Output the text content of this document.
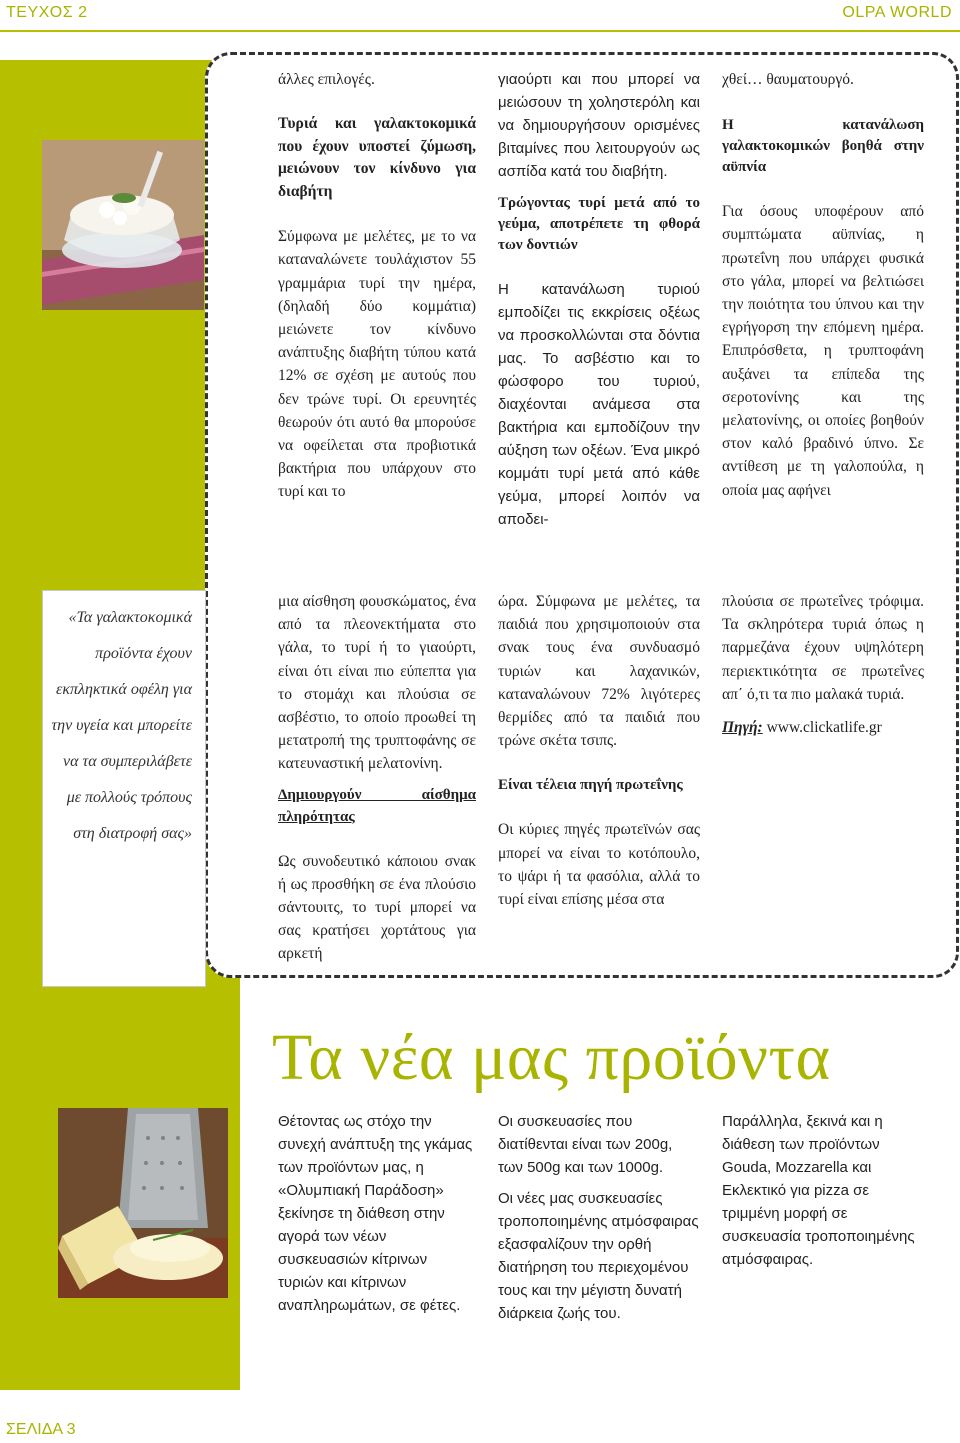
ΤΕΥΧΟΣ 2	OLPA WORLD

άλλες επιλογές.

Τυριά και γαλακτοκομικά που έχουν υποστεί ζύμωση, μειώνουν τον κίνδυνο για διαβήτη

Σύμφωνα με μελέτες, με το να καταναλώνετε τουλάχιστον 55 γραμμάρια τυρί την ημέρα, (δηλαδή δύο κομμάτια) μειώνετε τον κίνδυνο ανάπτυξης διαβήτη τύπου κατά 12% σε σχέση με αυτούς που δεν τρώνε τυρί. Οι ερευνητές θεωρούν ότι αυτό θα μπορούσε να οφείλεται στα προβιοτικά βακτήρια που υπάρχουν στο τυρί και το

γιαούρτι και που μπορεί να μειώσουν τη χοληστερόλη και να δημιουργήσουν ορισμένες βιταμίνες που λειτουργούν ως ασπίδα κατά του διαβήτη.

Τρώγοντας τυρί μετά από το γεύμα, αποτρέπετε τη φθορά των δοντιών

Η κατανάλωση τυριού εμποδίζει τις εκκρίσεις οξέως να προσκολλώνται στα δόντια μας. Το ασβέστιο και το φώσφορο του τυριού, διαχέονται ανάμεσα στα βακτήρια και εμποδίζουν την αύξηση των οξέων. Ένα μικρό κομμάτι τυρί μετά από κάθε γεύμα, μπορεί λοιπόν να αποδει-

χθεί… θαυματουργό.

Η κατανάλωση γαλακτοκομικών βοηθά στην αϋπνία

Για όσους υποφέρουν από συμπτώματα αϋπνίας, η πρωτεΐνη που υπάρχει φυσικά στο γάλα, μπορεί να βελτιώσει την ποιότητα του ύπνου και την εγρήγορση την επόμενη ημέρα. Επιπρόσθετα, η τρυπτοφάνη αυξάνει τα επίπεδα της σεροτονίνης και της μελατονίνης, οι οποίες βοηθούν στον καλό βραδινό ύπνο. Σε αντίθεση με τη γαλοπούλα, η οποία μας αφήνει

«Τα γαλακτοκομικά προϊόντα έχουν εκπληκτικά οφέλη για την υγεία και μπορείτε να τα συμπεριλάβετε με πολλούς τρόπους στη διατροφή σας»

μια αίσθηση φουσκώματος, ένα από τα πλεονεκτήματα στο γάλα, το τυρί ή το γιαούρτι, είναι ότι είναι πιο εύπεπτα για το στομάχι και πλούσια σε ασβέστιο, το οποίο προωθεί τη μετατροπή της τρυπτοφάνης σε κατευναστική μελατονίνη.

Δημιουργούν αίσθημα πληρότητας

Ως συνοδευτικό κάποιου σνακ ή ως προσθήκη σε ένα πλούσιο σάντουιτς, το τυρί μπορεί να σας κρατήσει χορτάτους για αρκετή

ώρα. Σύμφωνα με μελέτες, τα παιδιά που χρησιμοποιούν στα σνακ τους ένα συνδυασμό τυριών και λαχανικών, καταναλώνουν 72% λιγότερες θερμίδες από τα παιδιά που τρώνε σκέτα τσιπς.

Είναι τέλεια πηγή πρωτεΐνης

Οι κύριες πηγές πρωτεϊνών σας μπορεί να είναι το κοτόπουλο, το ψάρι ή τα φασόλια, αλλά το τυρί είναι επίσης μέσα στα

πλούσια σε πρωτεΐνες τρόφιμα. Τα σκληρότερα τυριά όπως η παρμεζάνα έχουν υψηλότερη περιεκτικότητα σε πρωτεΐνες απ΄ ό,τι τα πιο μαλακά τυριά.

Πηγή: www.clickatlife.gr

Τα νέα μας προϊόντα

Θέτοντας ως στόχο την συνεχή ανάπτυξη της γκάμας των προϊόντων μας, η «Ολυμπιακή Παράδοση» ξεκίνησε τη διάθεση στην αγορά των νέων συσκευασιών κίτρινων τυριών και κίτρινων αναπληρωμάτων, σε φέτες.

Οι συσκευασίες που διατίθενται είναι των 200g, των 500g και των 1000g.

Οι νέες μας συσκευασίες τροποποιημένης ατμόσφαιρας εξασφαλίζουν την ορθή διατήρηση του περιεχομένου τους και την μέγιστη δυνατή διάρκεια ζωής του.

Παράλληλα, ξεκινά και η διάθεση των προϊόντων Gouda, Mozzarella και Εκλεκτικό για pizza σε τριμμένη μορφή σε συσκευασία τροποποιημένης ατμόσφαιρας.

ΣΕΛΙΔΑ 3
